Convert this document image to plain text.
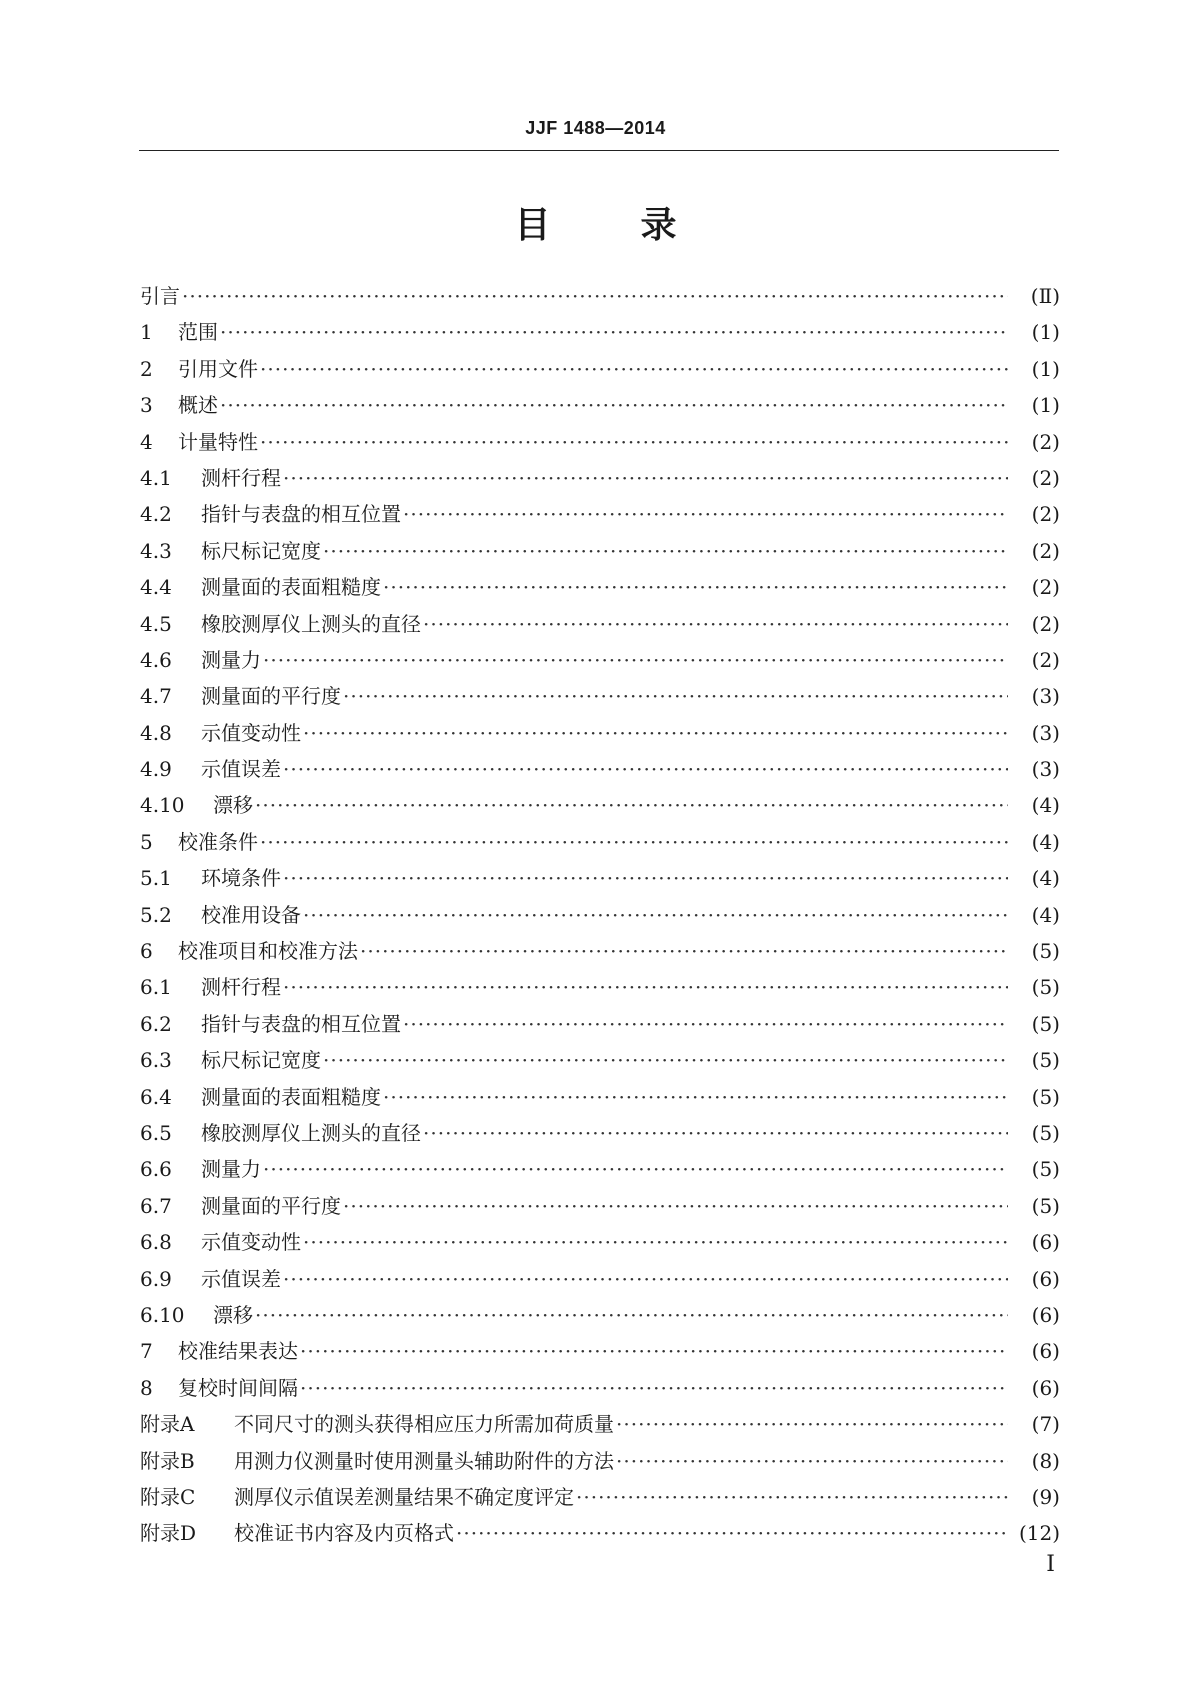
JJF 1488—2014
目	录
引言 ·····	(Ⅱ)
1	范围 ·····	(1)
2	引用文件 ·····	(1)
3	概述 ·····	(1)
4	计量特性 ·····	(2)
4.1	测杆行程 ·····	(2)
4.2	指针与表盘的相互位置 ·····	(2)
4.3	标尺标记宽度 ·····	(2)
4.4	测量面的表面粗糙度 ·····	(2)
4.5	橡胶测厚仪上测头的直径 ·····	(2)
4.6	测量力 ·····	(2)
4.7	测量面的平行度 ·····	(3)
4.8	示值变动性 ·····	(3)
4.9	示值误差 ·····	(3)
4.10	漂移 ·····	(4)
5	校准条件 ·····	(4)
5.1	环境条件 ·····	(4)
5.2	校准用设备 ·····	(4)
6	校准项目和校准方法 ·····	(5)
6.1	测杆行程 ·····	(5)
6.2	指针与表盘的相互位置 ·····	(5)
6.3	标尺标记宽度 ·····	(5)
6.4	测量面的表面粗糙度 ·····	(5)
6.5	橡胶测厚仪上测头的直径 ·····	(5)
6.6	测量力 ·····	(5)
6.7	测量面的平行度 ·····	(5)
6.8	示值变动性 ·····	(6)
6.9	示值误差 ·····	(6)
6.10	漂移 ·····	(6)
7	校准结果表达 ·····	(6)
8	复校时间间隔 ·····	(6)
附录A	不同尺寸的测头获得相应压力所需加荷质量 ·····	(7)
附录B	用测力仪测量时使用测量头辅助附件的方法 ·····	(8)
附录C	测厚仪示值误差测量结果不确定度评定 ·····	(9)
附录D	校准证书内容及内页格式 ·····	(12)
I
